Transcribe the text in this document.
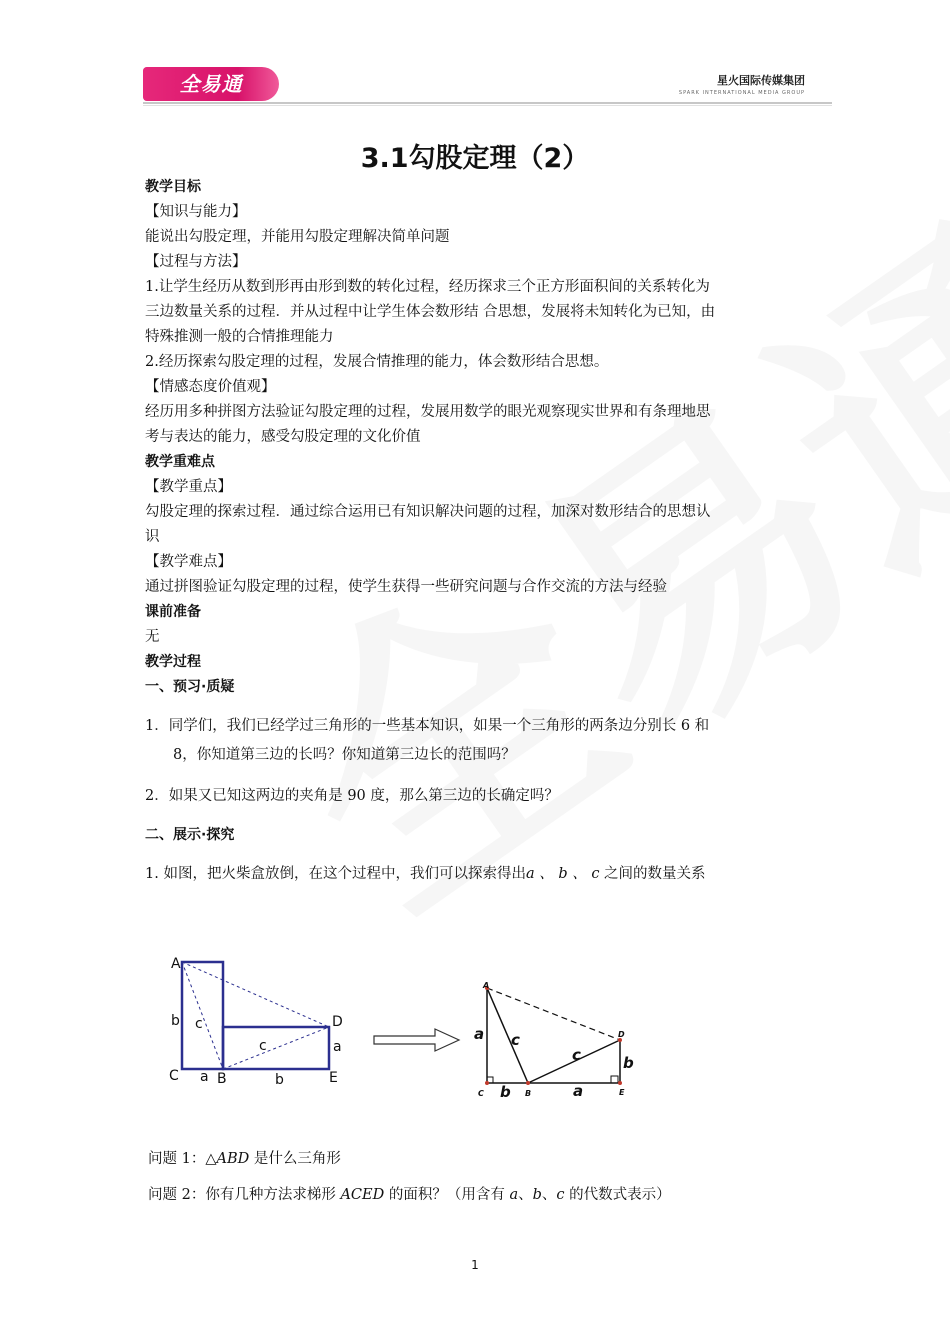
全易通	星火国际传媒集团
SPARK INTERNATIONAL MEDIA GROUP
3.1勾股定理（2）

教学目标

【知识与能力】

能说出勾股定理，并能用勾股定理解决简单问题

【过程与方法】

1.让学生经历从数到形再由形到数的转化过程，经历探求三个正方形面积间的关系转化为

三边数量关系的过程．并从过程中让学生体会数形结 合思想，发展将未知转化为已知，由

特殊推测一般的合情推理能力

2.经历探索勾股定理的过程，发展合情推理的能力，体会数形结合思想。

【情感态度价值观】

经历用多种拼图方法验证勾股定理的过程，发展用数学的眼光观察现实世界和有条理地思

考与表达的能力，感受勾股定理的文化价值

教学重难点

【教学重点】

勾股定理的探索过程．通过综合运用已有知识解决问题的过程，加深对数形结合的思想认

识

【教学难点】

通过拼图验证勾股定理的过程，使学生获得一些研究问题与合作交流的方法与经验

课前准备

无

教学过程

一、预习·质疑

1．同学们，我们已经学过三角形的一些基本知识，如果一个三角形的两条边分别长 6 和
8，你知道第三边的长吗？你知道第三边长的范围吗？

2．如果又已知这两边的夹角是 90 度，那么第三边的长确定吗？

二、展示·探究

1. 如图，把火柴盒放倒，在这个过程中，我们可以探索得出a 、 b 、 c 之间的数量关系

A
b c
c
D
a
C a B	b	E
A
a c
c
D
b
C b B	a	E

问题 1：△ABD 是什么三角形

问题 2：你有几种方法求梯形 ACED 的面积？（用含有 a、b、c 的代数式表示）

1
